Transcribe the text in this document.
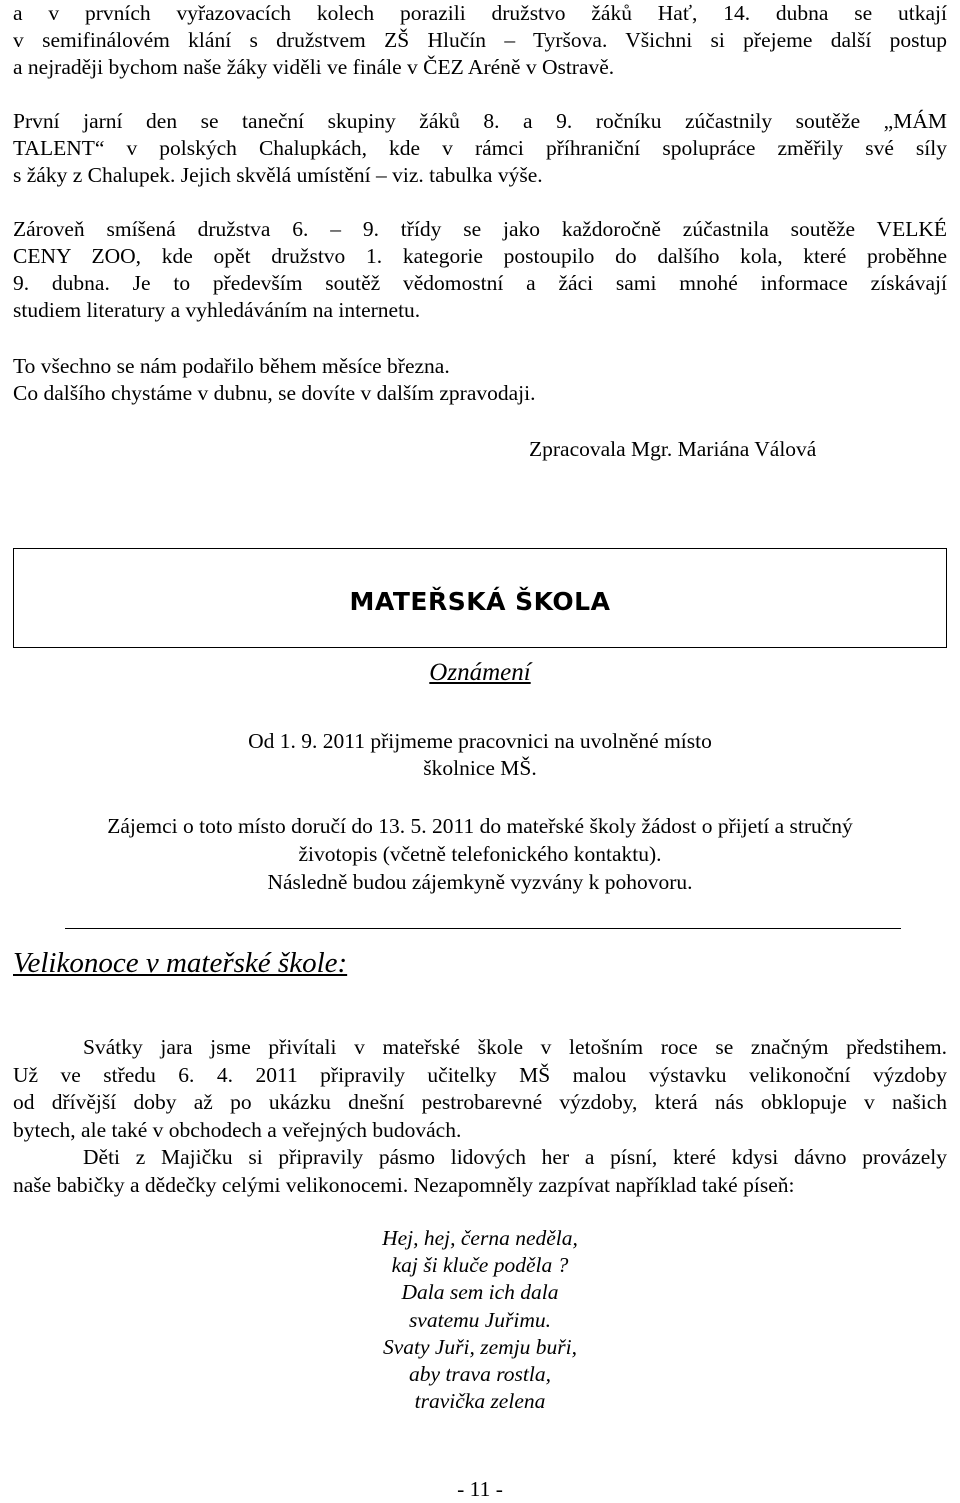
a v prvních vyřazovacích kolech porazili družstvo žáků Hať, 14. dubna se utkají

v semifinálovém klání s družstvem ZŠ Hlučín – Tyršova. Všichni si přejeme další postup

a nejraději bychom naše žáky viděli ve finále v ČEZ Aréně v Ostravě.

První jarní den se taneční skupiny žáků 8. a 9. ročníku zúčastnily soutěže „MÁM

TALENT“ v polských Chalupkách, kde v rámci příhraniční spolupráce změřily své síly

s žáky z Chalupek. Jejich skvělá umístění – viz. tabulka výše.

Zároveň smíšená družstva 6. – 9. třídy se jako každoročně zúčastnila soutěže VELKÉ

CENY ZOO, kde opět družstvo 1. kategorie postoupilo do dalšího kola, které proběhne

9. dubna. Je to především soutěž vědomostní a žáci sami mnohé informace získávají

studiem literatury a vyhledáváním na internetu.

To všechno se nám podařilo během měsíce března.

Co dalšího chystáme v dubnu, se dovíte v dalším zpravodaji.

Zpracovala Mgr. Mariána Válová
MATEŘSKÁ ŠKOLA
Oznámení
Od 1. 9. 2011 přijmeme pracovnici na uvolněné místo
školnice MŠ.
Zájemci o toto místo doručí do 13. 5. 2011 do mateřské školy žádost o přijetí a stručný
životopis (včetně telefonického kontaktu).
Následně budou zájemkyně vyzvány k pohovoru.
Velikonoce v mateřské škole:

Svátky jara jsme přivítali v mateřské škole v letošním roce se značným předstihem.

Už ve středu 6. 4. 2011 připravily učitelky MŠ malou výstavku velikonoční výzdoby

od dřívější doby až po ukázku dnešní pestrobarevné výzdoby, která nás obklopuje v našich

bytech, ale také v obchodech a veřejných budovách.

Děti z Majičku si připravily pásmo lidových her a písní, které kdysi dávno provázely

naše babičky a dědečky celými velikonocemi. Nezapomněly zazpívat například také píseň:

Hej, hej, černa neděla,
kaj ši kluče poděla ?
Dala sem ich dala
svatemu Juřimu.
Svaty Juři, zemju buři,
aby trava rostla,
travička zelena
- 11 -
